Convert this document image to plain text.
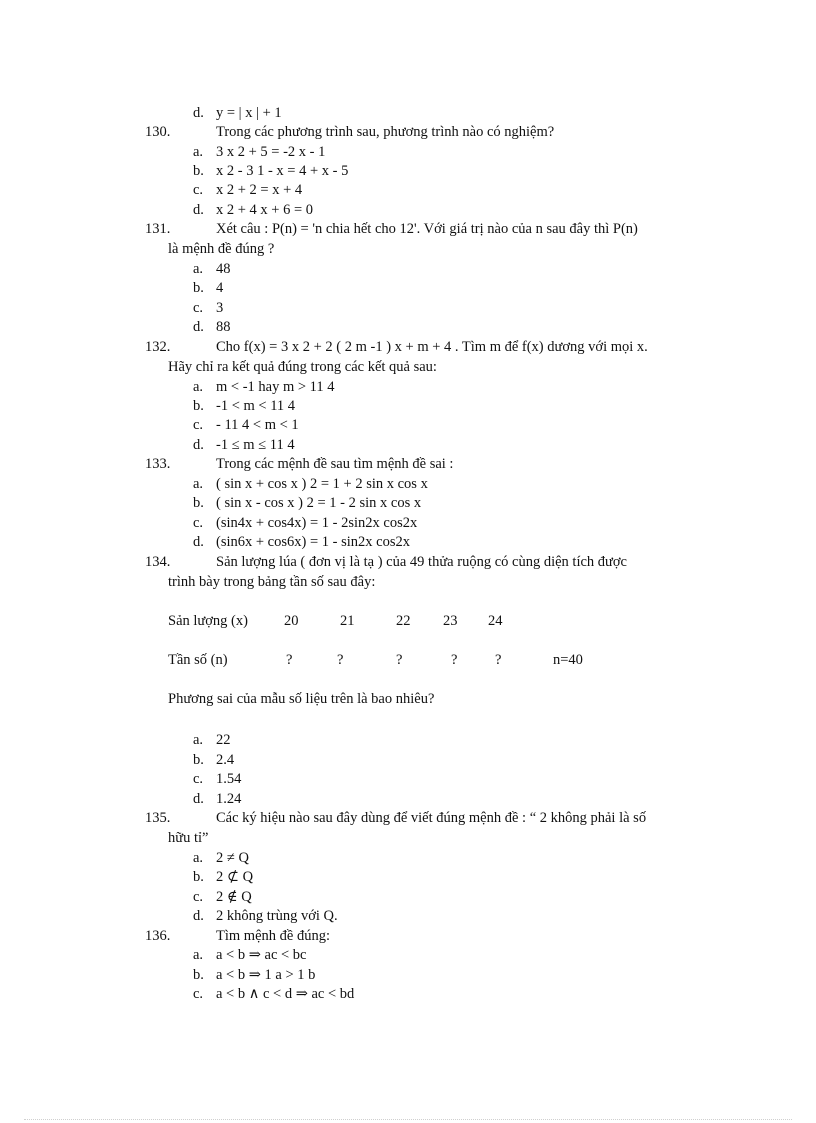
d. y = | x | + 1
130.	Trong các phương trình sau, phương trình nào có nghiệm?
a. 3 x 2 + 5 = -2 x - 1
b. x 2 - 3 1 - x = 4 + x - 5
c. x 2 + 2 = x + 4
d. x 2 + 4 x + 6 = 0
131.	Xét câu : P(n) = 'n chia hết cho 12'. Với giá trị nào của n sau đây thì P(n)
là mệnh đề đúng ?
a. 48
b. 4
c. 3
d. 88
132.	Cho f(x) = 3 x 2 + 2 ( 2 m -1 ) x + m + 4 . Tìm m để f(x) dương với mọi x.
Hãy chỉ ra kết quả đúng trong các kết quả sau:
a. m < -1 hay m > 11 4
b. -1 < m < 11 4
c. - 11 4 < m < 1
d. -1 ≤ m ≤ 11 4
133.	Trong các mệnh đề sau tìm mệnh đề sai :
a. ( sin x + cos x ) 2 = 1 + 2 sin x cos x
b. ( sin x - cos x ) 2 = 1 - 2 sin x cos x
c. (sin4x + cos4x) = 1 - 2sin2x cos2x
d. (sin6x + cos6x) = 1 - sin2x cos2x
134.	Sản lượng lúa ( đơn vị là tạ ) của 49 thửa ruộng có cùng diện tích được
trình bày trong bảng tần số sau đây:
Sản lượng (x) 20	21	22 23 24
Tần số (n)	?	?	?	?	?	n=40
Phương sai của mẫu số liệu trên là bao nhiêu?
a. 22
b. 2.4
c. 1.54
d. 1.24
135.	Các ký hiệu nào sau đây dùng để viết đúng mệnh đề : “ 2 không phải là số
hữu tỉ”
a. 2 ≠ Q
b. 2 ⊄ Q
c. 2 ∉ Q
d. 2 không trùng với Q.
136.	Tìm mệnh đề đúng:
a. a < b ⇒ ac < bc
b. a < b ⇒ 1 a > 1 b
c. a < b ∧ c < d ⇒ ac < bd
